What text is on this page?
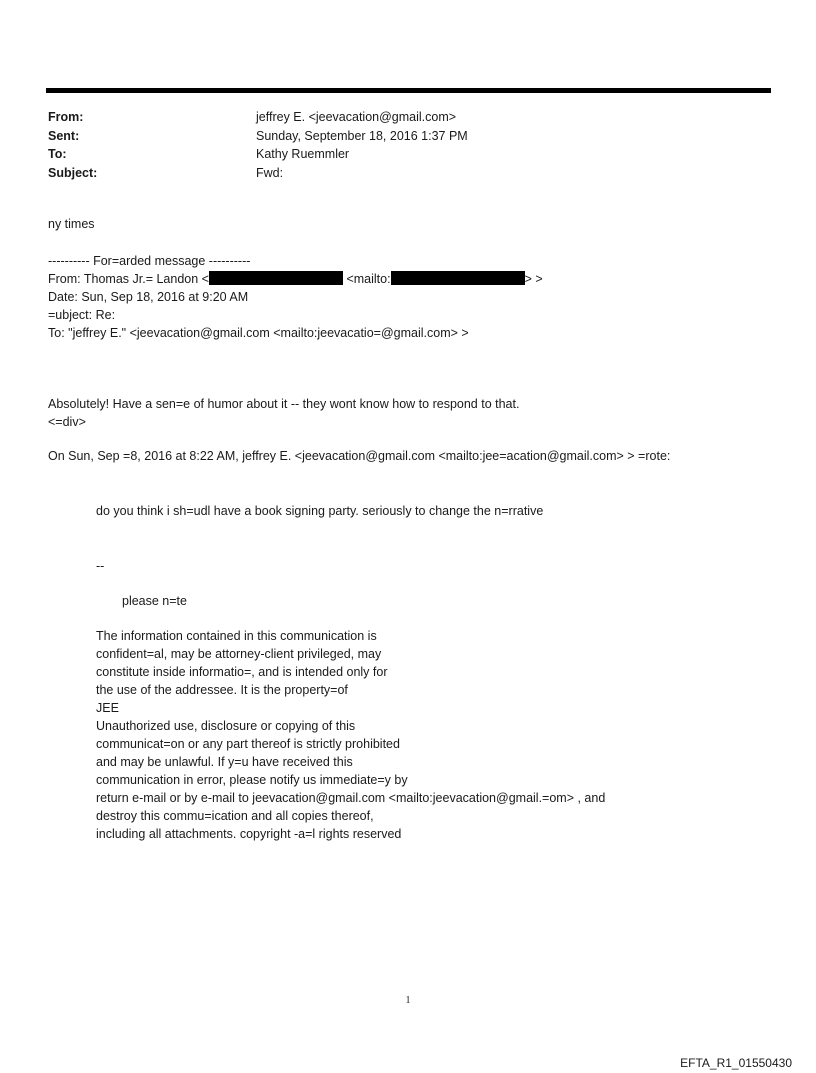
From:	jeffrey E. <jeevacation@gmail.com>
Sent:	Sunday, September 18, 2016 1:37 PM
To:	Kathy Ruemmler
Subject:	Fwd:
ny times
---------- For=arded message ----------
From: Thomas Jr.= Landon <	<mailto:	> >
Date: Sun, Sep 18, 2016 at 9:20 AM
=ubject: Re:
To: "jeffrey E." <jeevacation@gmail.com <mailto:jeevacatio=@gmail.com> >
Absolutely! Have a sen=e of humor about it -- they wont know how to respond to that.
<=div>
On Sun, Sep =8, 2016 at 8:22 AM, jeffrey E. <jeevacation@gmail.com <mailto:jee=acation@gmail.com> > =rote:
do you think i sh=udl have a book signing party. seriously to change the n=rrative
--
please n=te
The information contained in this communication is
confident=al, may be attorney-client privileged, may
constitute inside informatio=, and is intended only for
the use of the addressee. It is the property=of
JEE
Unauthorized use, disclosure or copying of this
communicat=on or any part thereof is strictly prohibited
and may be unlawful. If y=u have received this
communication in error, please notify us immediate=y by
return e-mail or by e-mail to jeevacation@gmail.com <mailto:jeevacation@gmail.=om> , and
destroy this commu=ication and all copies thereof,
including all attachments. copyright -a=l rights reserved
1
EFTA_R1_01550430
